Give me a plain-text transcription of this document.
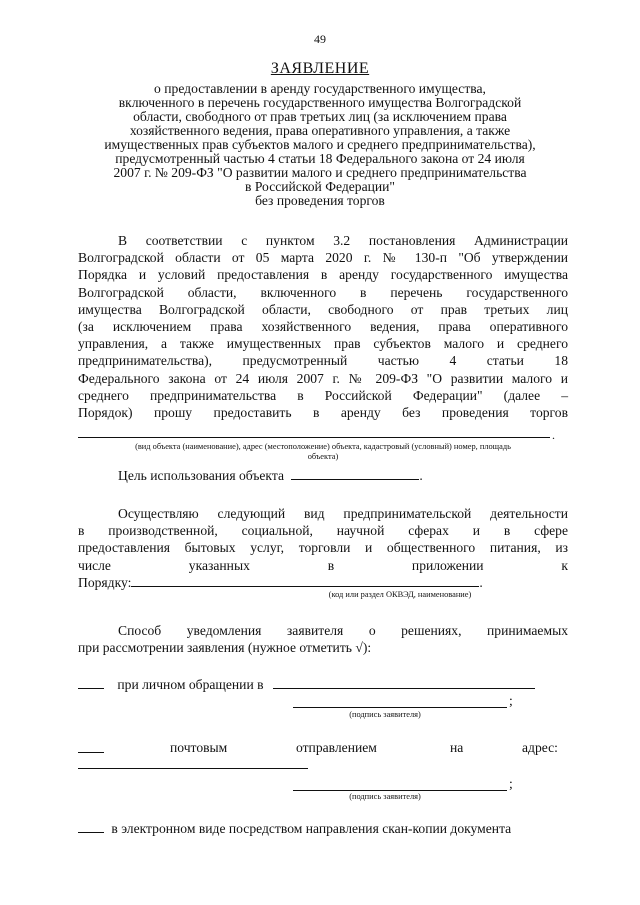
49
ЗАЯВЛЕНИЕ
о предоставлении в аренду государственного имущества,
включенного в перечень государственного имущества Волгоградской
области, свободного от прав третьих лиц (за исключением права
хозяйственного ведения, права оперативного управления, а также
имущественных прав субъектов малого и среднего предпринимательства),
предусмотренный частью 4 статьи 18 Федерального закона от 24 июля
2007 г. № 209-ФЗ "О развитии малого и среднего предпринимательства
в Российской Федерации"
без проведения торгов
В соответствии с пунктом 3.2 постановления Администрации
Волгоградской области от 05 марта 2020 г. № 130-п "Об утверждении
Порядка и условий предоставления в аренду государственного имущества
Волгоградской области, включенного в перечень государственного
имущества Волгоградской области, свободного от прав третьих лиц
(за исключением права хозяйственного ведения, права оперативного
управления, а также имущественных прав субъектов малого и среднего
предпринимательства), предусмотренный частью 4 статьи 18
Федерального закона от 24 июля 2007 г. № 209-ФЗ "О развитии малого и
среднего предпринимательства в Российской Федерации" (далее –
Порядок) прошу предоставить в аренду без проведения торгов
.
(вид объекта (наименование), адрес (местоположение) объекта, кадастровый (условный) номер, площадь
объекта)
Цель использования объекта	.
Осуществляю следующий вид предпринимательской деятельности
в производственной, социальной, научной сферах и в сфере
предоставления бытовых услуг, торговли и общественного питания, из
числе указанных в приложении к
Порядку:	.
(код или раздел ОКВЭД, наименование)
Способ уведомления заявителя о решениях, принимаемых
при рассмотрении заявления (нужное отметить √):
при личном обращении в
;
(подпись заявителя)
почтовым	отправлением	на	адрес:
;
(подпись заявителя)
в электронном виде посредством направления скан-копии документа
